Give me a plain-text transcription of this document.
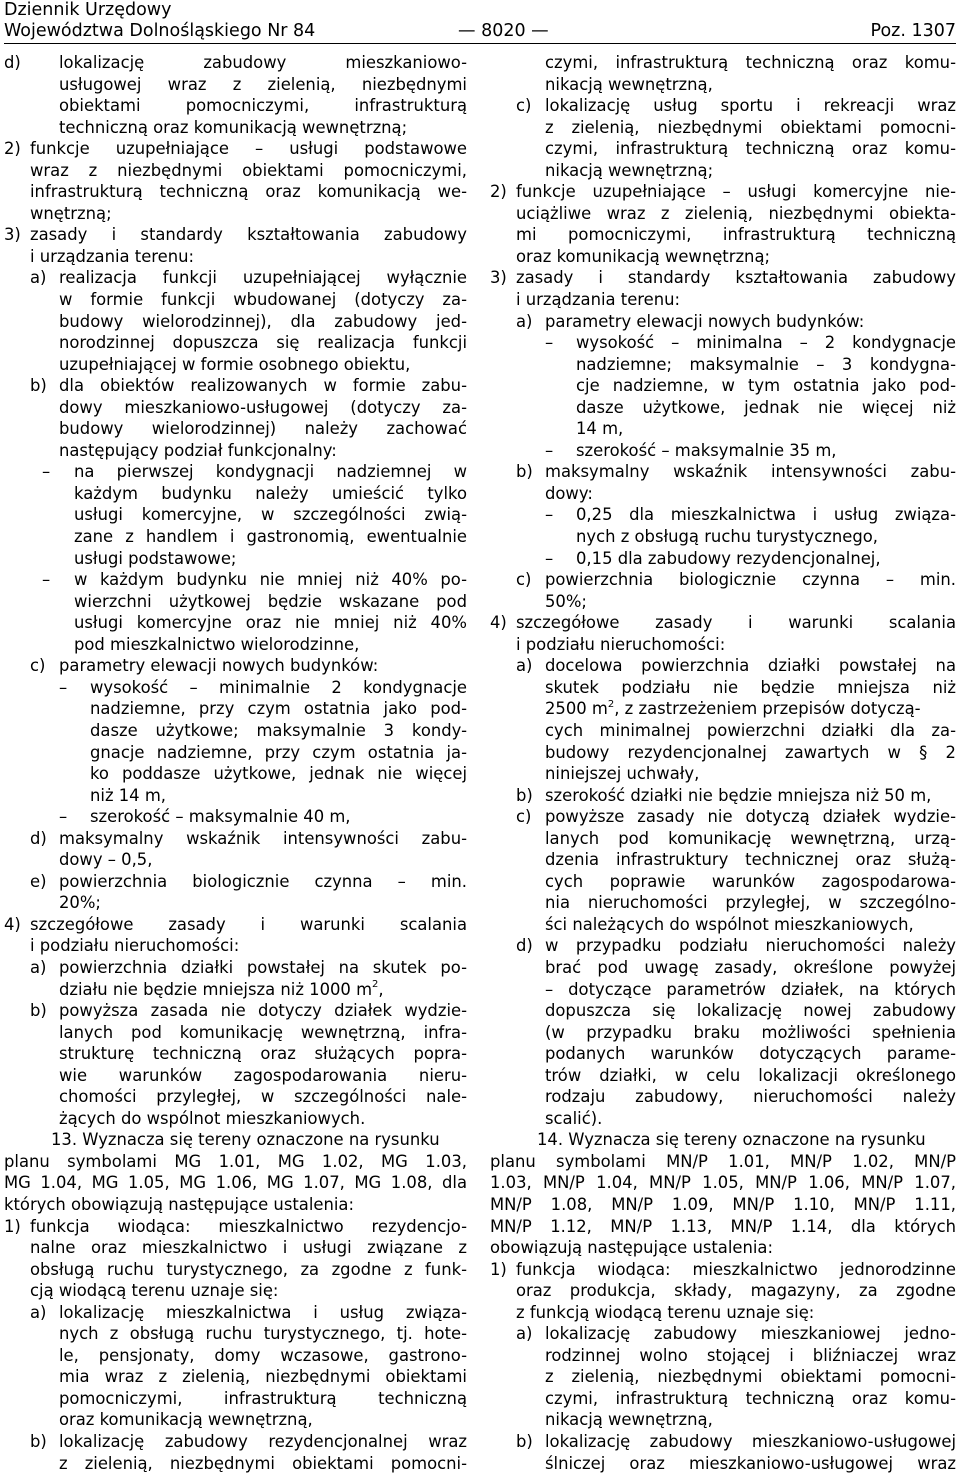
Dziennik Urzędowy
Województwa Dolnośląskiego Nr 84	— 8020 —	Poz. 1307
d) lokalizację zabudowy mieszkaniowo-
usługowej wraz z zielenią, niezbędnymi
obiektami pomocniczymi, infrastrukturą
techniczną oraz komunikacją wewnętrzną;
2) funkcje uzupełniające – usługi podstawowe
wraz z niezbędnymi obiektami pomocniczymi,
infrastrukturą techniczną oraz komunikacją we-
wnętrzną;
3) zasady i standardy kształtowania zabudowy
i urządzania terenu:
a) realizacja funkcji uzupełniającej wyłącznie
w formie funkcji wbudowanej (dotyczy za-
budowy wielorodzinnej), dla zabudowy jed-
norodzinnej dopuszcza się realizacja funkcji
uzupełniającej w formie osobnego obiektu,
b) dla obiektów realizowanych w formie zabu-
dowy mieszkaniowo-usługowej (dotyczy za-
budowy wielorodzinnej) należy zachować
następujący podział funkcjonalny:
– na pierwszej kondygnacji nadziemnej w
każdym budynku należy umieścić tylko
usługi komercyjne, w szczególności zwią-
zane z handlem i gastronomią, ewentualnie
usługi podstawowe;
– w każdym budynku nie mniej niż 40% po-
wierzchni użytkowej będzie wskazane pod
usługi komercyjne oraz nie mniej niż 40%
pod mieszkalnictwo wielorodzinne,
c) parametry elewacji nowych budynków:
– wysokość – minimalnie 2 kondygnacje
nadziemne, przy czym ostatnia jako pod-
dasze użytkowe; maksymalnie 3 kondy-
gnacje nadziemne, przy czym ostatnia ja-
ko poddasze użytkowe, jednak nie więcej
niż 14 m,
– szerokość – maksymalnie 40 m,
d) maksymalny wskaźnik intensywności zabu-
dowy – 0,5,
e) powierzchnia biologicznie czynna – min.
20%;
4) szczegółowe zasady i warunki scalania
i podziału nieruchomości:
a) powierzchnia działki powstałej na skutek po-
działu nie będzie mniejsza niż 1000 $m^2$,
b) powyższa zasada nie dotyczy działek wydzie-
lanych pod komunikację wewnętrzną, infra-
strukturę techniczną oraz służących popra-
wie warunków zagospodarowania nieru-
chomości przyległej, w szczególności nale-
żących do wspólnot mieszkaniowych.
13. Wyznacza się tereny oznaczone na rysunku
planu symbolami MG 1.01, MG 1.02, MG 1.03,
MG 1.04, MG 1.05, MG 1.06, MG 1.07, MG 1.08, dla
których obowiązują następujące ustalenia:
1) funkcja wiodąca: mieszkalnictwo rezydencjo-
nalne oraz mieszkalnictwo i usługi związane z
obsługą ruchu turystycznego, za zgodne z funk-
cją wiodącą terenu uznaje się:
a) lokalizację mieszkalnictwa i usług związa-
nych z obsługą ruchu turystycznego, tj. hote-
le, pensjonaty, domy wczasowe, gastrono-
mia wraz z zielenią, niezbędnymi obiektami
pomocniczymi, infrastrukturą techniczną
oraz komunikacją wewnętrzną,
b) lokalizację zabudowy rezydencjonalnej wraz
z zielenią, niezbędnymi obiektami pomocni-
czymi, infrastrukturą techniczną oraz komu-
nikacją wewnętrzną,
c) lokalizację usług sportu i rekreacji wraz
z zielenią, niezbędnymi obiektami pomocni-
czymi, infrastrukturą techniczną oraz komu-
nikacją wewnętrzną;
2) funkcje uzupełniające – usługi komercyjne nie-
uciążliwe wraz z zielenią, niezbędnymi obiekta-
mi pomocniczymi, infrastrukturą techniczną
oraz komunikacją wewnętrzną;
3) zasady i standardy kształtowania zabudowy
i urządzania terenu:
a) parametry elewacji nowych budynków:
– wysokość – minimalna – 2 kondygnacje
nadziemne; maksymalnie – 3 kondygna-
cje nadziemne, w tym ostatnia jako pod-
dasze użytkowe, jednak nie więcej niż
14 m,
– szerokość – maksymalnie 35 m,
b) maksymalny wskaźnik intensywności zabu-
dowy:
– 0,25 dla mieszkalnictwa i usług związa-
nych z obsługą ruchu turystycznego,
– 0,15 dla zabudowy rezydencjonalnej,
c) powierzchnia biologicznie czynna – min.
50%;
4) szczegółowe zasady i warunki scalania
i podziału nieruchomości:
a) docelowa powierzchnia działki powstałej na
skutek podziału nie będzie mniejsza niż
2500 $m^2$, z zastrzeżeniem przepisów dotyczą-
cych minimalnej powierzchni działki dla za-
budowy rezydencjonalnej zawartych w § 2
niniejszej uchwały,
b) szerokość działki nie będzie mniejsza niż 50 m,
c) powyższe zasady nie dotyczą działek wydzie-
lanych pod komunikację wewnętrzną, urzą-
dzenia infrastruktury technicznej oraz służą-
cych poprawie warunków zagospodarowa-
nia nieruchomości przyległej, w szczególno-
ści należących do wspólnot mieszkaniowych,
d) w przypadku podziału nieruchomości należy
brać pod uwagę zasady, określone powyżej
– dotyczące parametrów działek, na których
dopuszcza się lokalizację nowej zabudowy
(w przypadku braku możliwości spełnienia
podanych warunków dotyczących parame-
trów działki, w celu lokalizacji określonego
rodzaju zabudowy, nieruchomości należy
scalić).
14. Wyznacza się tereny oznaczone na rysunku
planu symbolami MN/P 1.01, MN/P 1.02, MN/P
1.03, MN/P 1.04, MN/P 1.05, MN/P 1.06, MN/P 1.07,
MN/P 1.08, MN/P 1.09, MN/P 1.10, MN/P 1.11,
MN/P 1.12, MN/P 1.13, MN/P 1.14, dla których
obowiązują następujące ustalenia:
1) funkcja wiodąca: mieszkalnictwo jednorodzinne
oraz produkcja, składy, magazyny, za zgodne
z funkcją wiodącą terenu uznaje się:
a) lokalizację zabudowy mieszkaniowej jedno-
rodzinnej wolno stojącej i bliźniaczej wraz
z zielenią, niezbędnymi obiektami pomocni-
czymi, infrastrukturą techniczną oraz komu-
nikacją wewnętrzną,
b) lokalizację zabudowy mieszkaniowo-usługowej
ślniczej oraz mieszkaniowo-usługowej wraz
